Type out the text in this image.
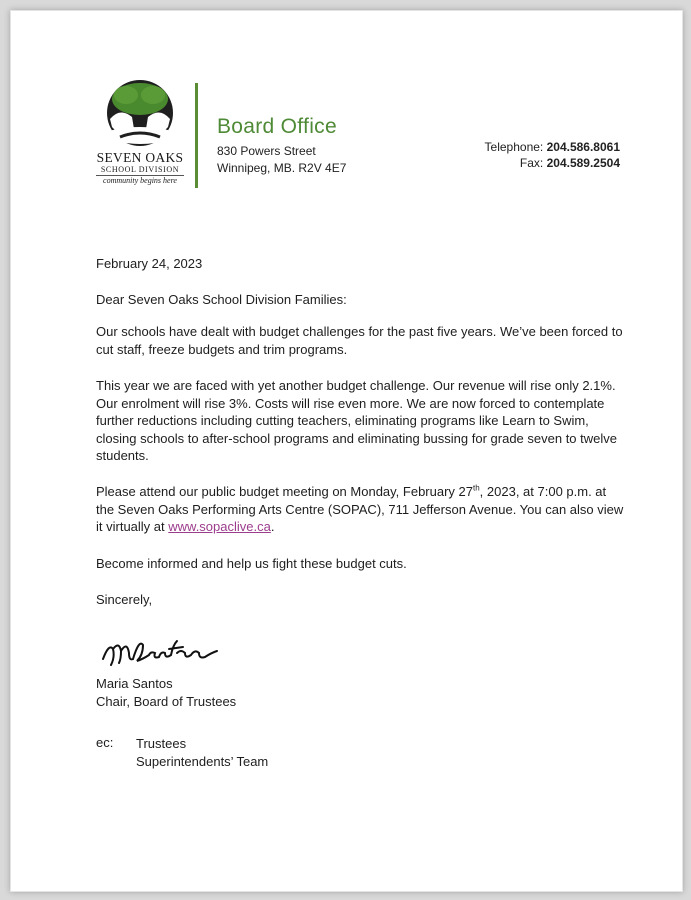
SEVEN OAKS
SCHOOL DIVISION
community begins here
Board Office
830 Powers Street
Winnipeg, MB. R2V 4E7
Telephone: 204.586.8061
Fax: 204.589.2504
February 24, 2023
Dear Seven Oaks School Division Families:
Our schools have dealt with budget challenges for the past five years. We’ve been forced to cut staff, freeze budgets and trim programs.
This year we are faced with yet another budget challenge. Our revenue will rise only 2.1%. Our enrolment will rise 3%. Costs will rise even more. We are now forced to contemplate further reductions including cutting teachers, eliminating programs like Learn to Swim, closing schools to after-school programs and eliminating bussing for grade seven to twelve students.
Please attend our public budget meeting on Monday, February 27th, 2023, at 7:00 p.m. at the Seven Oaks Performing Arts Centre (SOPAC), 711 Jefferson Avenue. You can also view it virtually at www.sopaclive.ca.
Become informed and help us fight these budget cuts.
Sincerely,
Maria Santos
Chair, Board of Trustees
ec: Trustees
Superintendents’ Team
